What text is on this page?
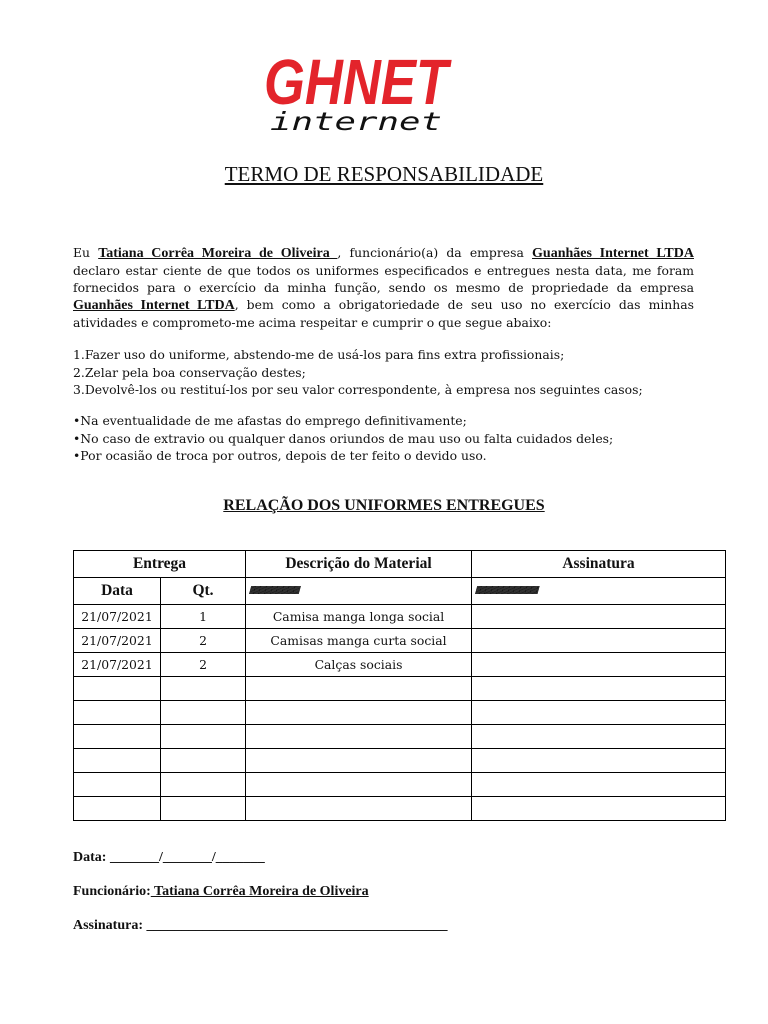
GHNET
internet
TERMO DE RESPONSABILIDADE
Eu Tatiana Corrêa Moreira de Oliveira , funcionário(a) da empresa Guanhães Internet LTDA declaro estar ciente de que todos os uniformes especificados e entregues nesta data, me foram fornecidos para o exercício da minha função, sendo os mesmo de propriedade da empresa Guanhães Internet LTDA, bem como a obrigatoriedade de seu uso no exercício das minhas atividades e comprometo-me acima respeitar e cumprir o que segue abaixo:
1.Fazer uso do uniforme, abstendo-me de usá-los para fins extra profissionais;
2.Zelar pela boa conservação destes;
3.Devolvê-los ou restituí-los por seu valor correspondente, à empresa nos seguintes casos;
•Na eventualidade de me afastas do emprego definitivamente;
•No caso de extravio ou qualquer danos oriundos de mau uso ou falta cuidados deles;
•Por ocasião de troca por outros, depois de ter feito o devido uso.
RELAÇÃO DOS UNIFORMES ENTREGUES
Entrega		Descrição do Material	Assinatura
Data	Qt.	//////////////////////////////////////////////////////////	/////////////////////////////////////////////////////////////////////////
21/07/2021	1	Camisa manga longa social	
21/07/2021	2	Camisas manga curta social	
21/07/2021	2	Calças sociais	

Data: _______/_______/_______
Funcionário: Tatiana Corrêa Moreira de Oliveira
Assinatura: ___________________________________________
